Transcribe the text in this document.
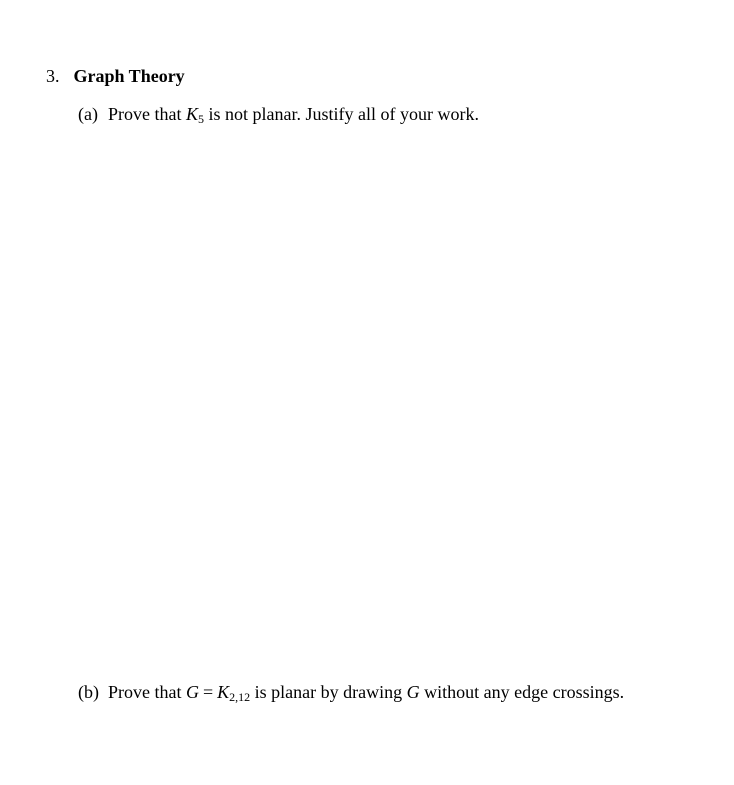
3. Graph Theory
(a) Prove that $K_5$ is not planar. Justify all of your work.
(b) Prove that $G = K_{2,12}$ is planar by drawing G without any edge crossings.
